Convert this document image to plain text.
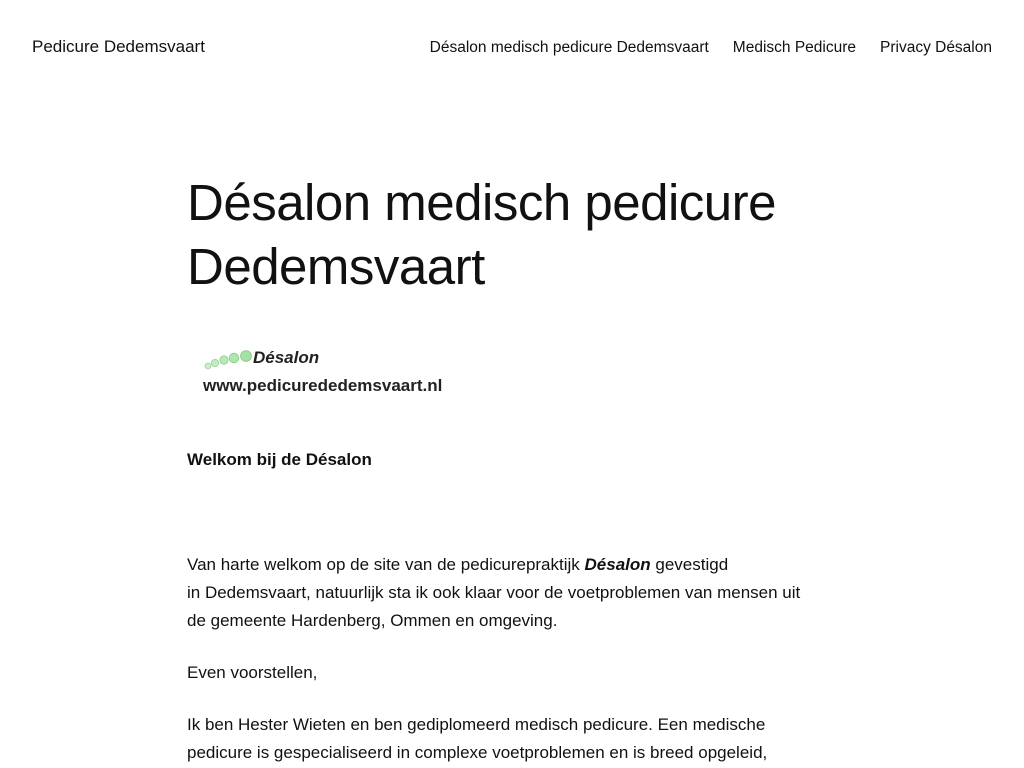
Pedicure Dedemsvaart	Désalon medisch pedicure Dedemsvaart Medisch Pedicure Privacy Désalon
Désalon medisch pedicure
Dedemsvaart
Désalon
www.pedicurededemsvaart.nl

Welkom bij de Désalon

Van harte welkom op de site van de pedicurepraktijk Désalon gevestigd
in Dedemsvaart, natuurlijk sta ik ook klaar voor de voetproblemen van mensen uit
de gemeente Hardenberg, Ommen en omgeving.

Even voorstellen,

Ik ben Hester Wieten en ben gediplomeerd medisch pedicure. Een medische
pedicure is gespecialiseerd in complexe voetproblemen en is breed opgeleid,
